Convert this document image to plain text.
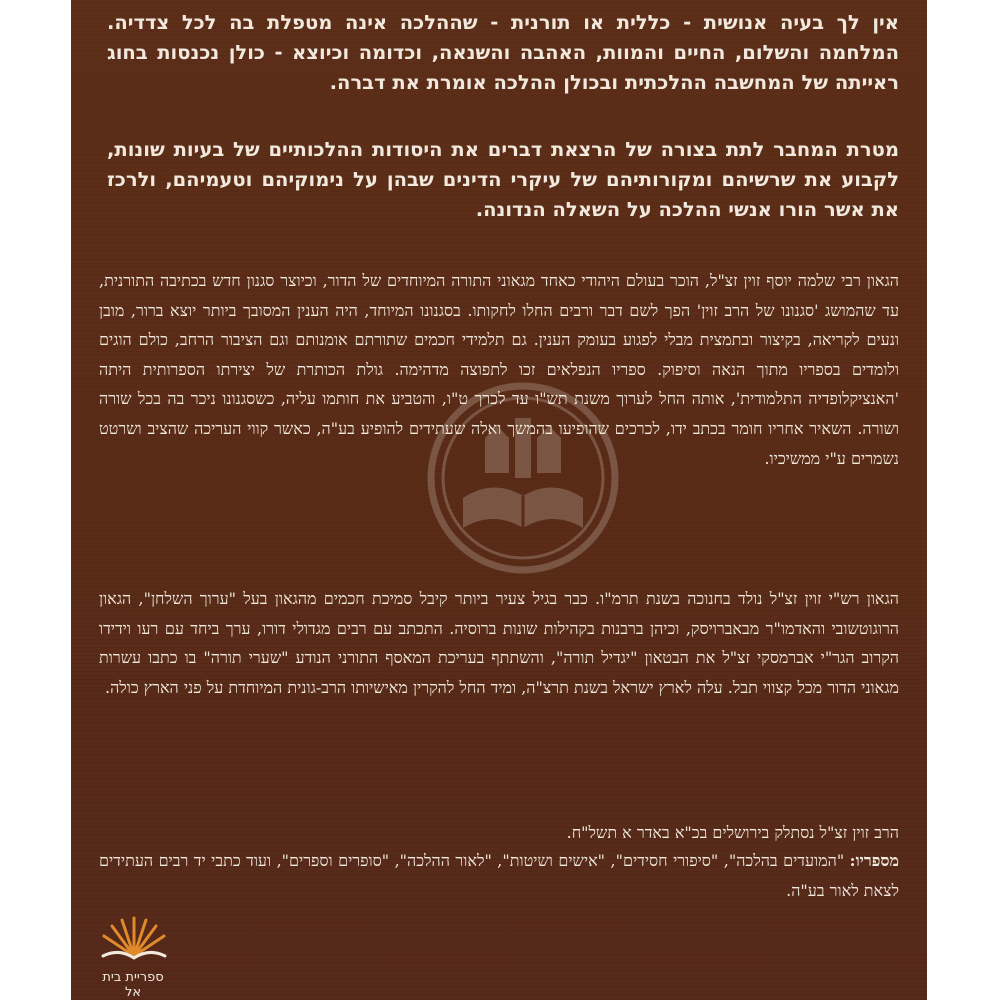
אין לך בעיה אנושית - כללית או תורנית - שההלכה אינה מטפלת בה לכל צדדיה. המלחמה והשלום, החיים והמוות, האהבה והשנאה, וכדומה וכיוצא - כולן נכנסות בחוג ראייתה של המחשבה ההלכתית ובכולן ההלכה אומרת את דברה.

מטרת המחבר לתת בצורה של הרצאת דברים את היסודות ההלכותיים של בעיות שונות, לקבוע את שרשיהם ומקורותיהם של עיקרי הדינים שבהן על נימוקיהם וטעמיהם, ולרכז את אשר הורו אנשי ההלכה על השאלה הנדונה.

הגאון רבי שלמה יוסף זוין זצ"ל, הוכר בעולם היהודי כאחד מגאוני התורה המיוחדים של הדור, וכיוצר סגנון חדש בכתיבה התורנית, עד שהמושג 'סגנונו של הרב זוין' הפך לשם דבר ורבים החלו לחקותו. בסגנונו המיוחד, היה הענין המסובך ביותר יוצא ברור, מובן ונעים לקריאה, בקיצור ובתמצית מבלי לפגוע בעומק הענין. גם תלמידי חכמים שתורתם אומנותם וגם הציבור הרחב, כולם הוגים ולומדים בספריו מתוך הנאה וסיפוק. ספריו הנפלאים זכו לתפוצה מדהימה. גולת הכותרת של יצירתו הספרותית היתה 'האנציקלופדיה התלמודית', אותה החל לערוך משנת תש"ו עד לכרך ט"ו, והטביע את חותמו עליה, כשסגנונו ניכר בה בכל שורה ושורה. השאיר אחריו חומר בכתב ידו, לכרכים שהופיעו בהמשך ואלה שעתידים להופיע בע"ה, כאשר קווי העריכה שהציב ושרטט נשמרים ע"י ממשיכיו.

הגאון רש"י זוין זצ"ל נולד בחנוכה בשנת תרמ"ו. כבר בגיל צעיר ביותר קיבל סמיכת חכמים מהגאון בעל "ערוך השלחן", הגאון הרוגוטשובי והאדמו"ר מבאברויסק, וכיהן ברבנות בקהילות שונות ברוסיה. התכתב עם רבים מגדולי דורו, ערך ביחד עם רעו וידידו הקרוב הגר"י אברמסקי זצ"ל את הבטאון "יגדיל תורה", והשתתף בעריכת המאסף התורני הנודע "שערי תורה" בו כתבו עשרות מגאוני הדור מכל קצווי תבל. עלה לארץ ישראל בשנת תרצ"ה, ומיד החל להקרין מאישיותו הרב-גונית המיוחדת על פני הארץ כולה.

הרב זוין זצ"ל נסתלק בירושלים בכ"א באדר א תשל"ח.

מספריו: "המועדים בהלכה", "סיפורי חסידים", "אישים ושיטות", "לאור ההלכה", "סופרים וספרים", ועוד כתבי יד רבים העתידים לצאת לאור בע"ה.

ספריית בית אל
